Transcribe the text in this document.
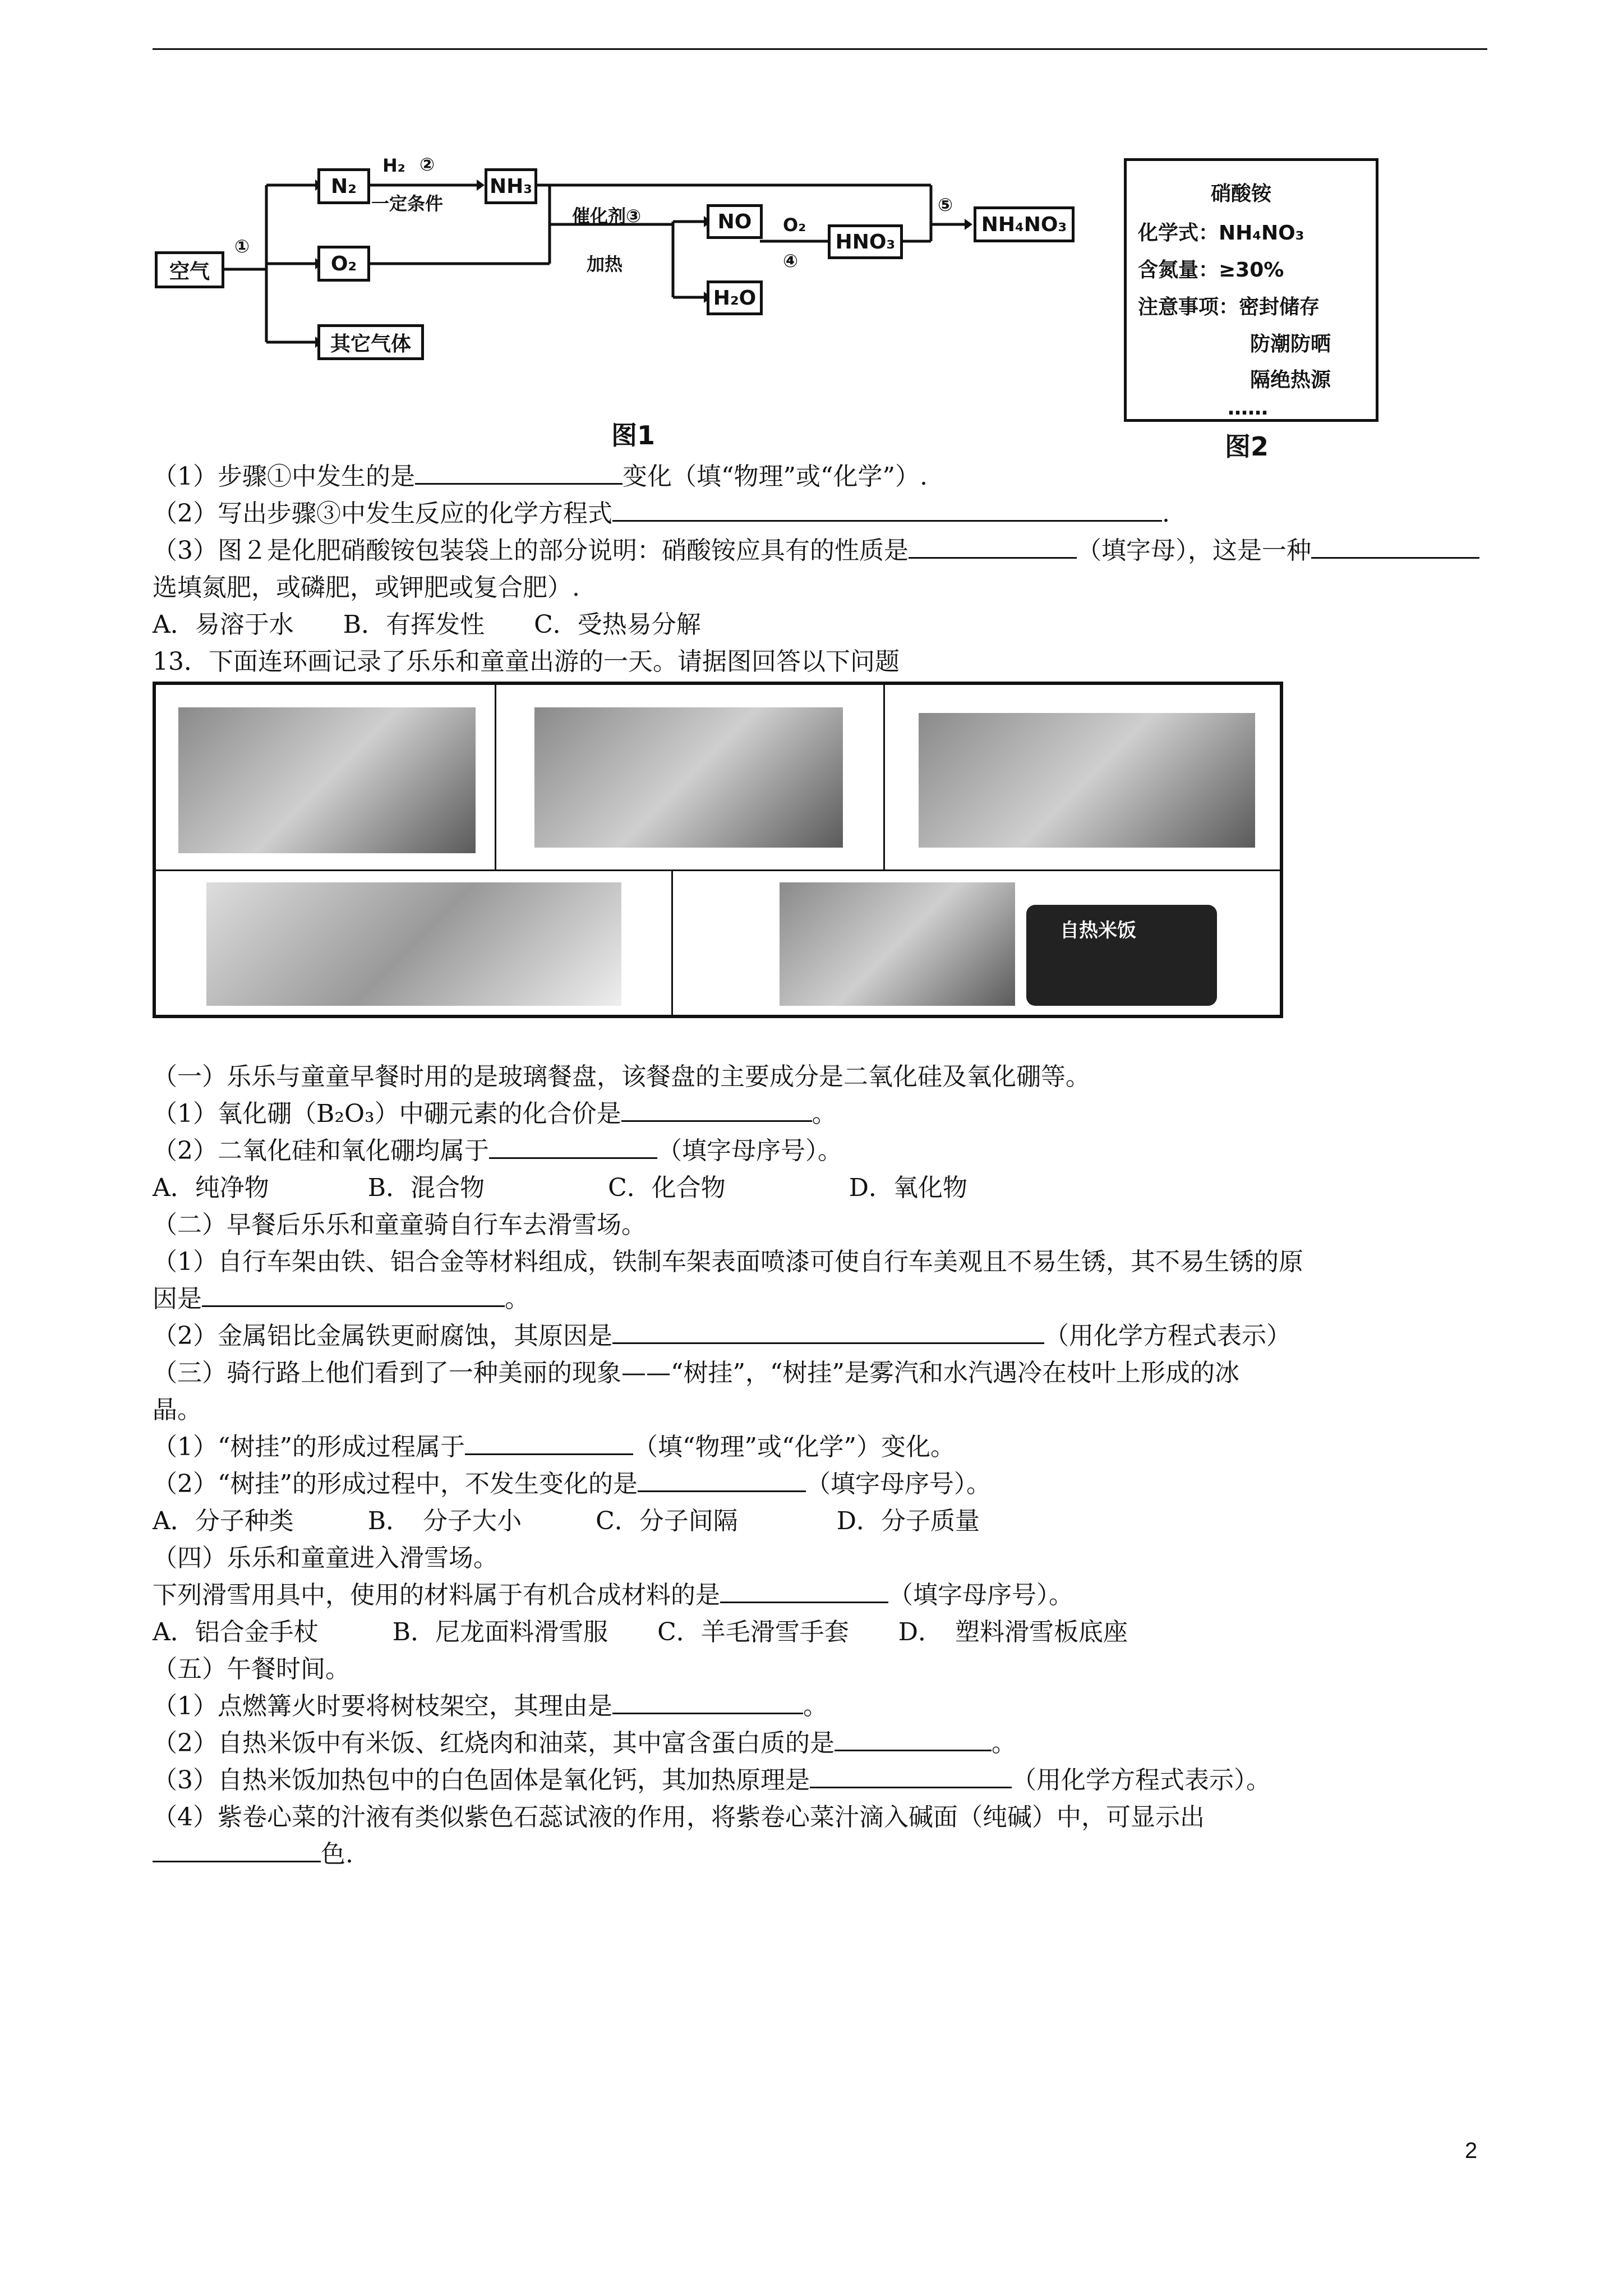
空气
①
N₂
O₂
其它气体
H₂ ②
一定条件
NH₃
催化剂③
加热
NO
H₂O
O₂
④
HNO₃
⑤
NH₄NO₃
图1
硝酸铵
化学式：NH₄NO₃
含氮量：≥30%
注意事项：密封储存
防潮防晒
隔绝热源
……
图2
（1）步骤①中发生的是	变化（填“物理”或“化学”）.
（2）写出步骤③中发生反应的化学方程式	.
（3）图２是化肥硝酸铵包装袋上的部分说明：硝酸铵应具有的性质是	（填字母），这是一种
选填氮肥，或磷肥，或钾肥或复合肥）.
A．易溶于水　　B．有挥发性　　C．受热易分解
13．下面连环画记录了乐乐和童童出游的一天。请据图回答以下问题
自热米饭
（一）乐乐与童童早餐时用的是玻璃餐盘，该餐盘的主要成分是二氧化硅及氧化硼等。
（1）氧化硼（B₂O₃）中硼元素的化合价是	。
（2）二氧化硅和氧化硼均属于	（填字母序号）。
A．纯净物　　　　B．混合物　　　　　C．化合物　　　　　D．氧化物
（二）早餐后乐乐和童童骑自行车去滑雪场。
（1）自行车架由铁、铝合金等材料组成，铁制车架表面喷漆可使自行车美观且不易生锈，其不易生锈的原
因是	。
（2）金属铝比金属铁更耐腐蚀，其原因是	（用化学方程式表示）
（三）骑行路上他们看到了一种美丽的现象——“树挂”，“树挂”是雾汽和水汽遇冷在枝叶上形成的冰
晶。
（1）“树挂”的形成过程属于	（填“物理”或“化学”）变化。
（2）“树挂”的形成过程中，不发生变化的是	（填字母序号）。
A．分子种类　　　B．　分子大小　　　C．分子间隔　　　　D．分子质量
（四）乐乐和童童进入滑雪场。
下列滑雪用具中，使用的材料属于有机合成材料的是	（填字母序号）。
A．铝合金手杖　　　B．尼龙面料滑雪服　　C．羊毛滑雪手套　　D．　塑料滑雪板底座
（五）午餐时间。
（1）点燃篝火时要将树枝架空，其理由是	。
（2）自热米饭中有米饭、红烧肉和油菜，其中富含蛋白质的是	。
（3）自热米饭加热包中的白色固体是氧化钙，其加热原理是	（用化学方程式表示）。
（4）紫卷心菜的汁液有类似紫色石蕊试液的作用，将紫卷心菜汁滴入碱面（纯碱）中，可显示出
色.
2
